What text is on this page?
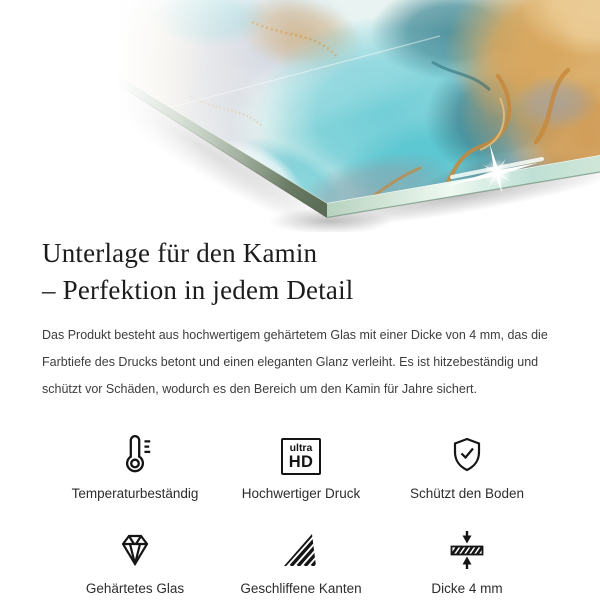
Unterlage für den Kamin
– Perfektion in jedem Detail

Das Produkt besteht aus hochwertigem gehärtetem Glas mit einer Dicke von 4 mm, das die
Farbtiefe des Drucks betont und einen eleganten Glanz verleiht. Es ist hitzebeständig und
schützt vor Schäden, wodurch es den Bereich um den Kamin für Jahre sichert.

Temperaturbeständig
ultra
HD
Hochwertiger Druck	Schützt den Boden
Gehärtetes Glas	Geschliffene Kanten	Dicke 4 mm
